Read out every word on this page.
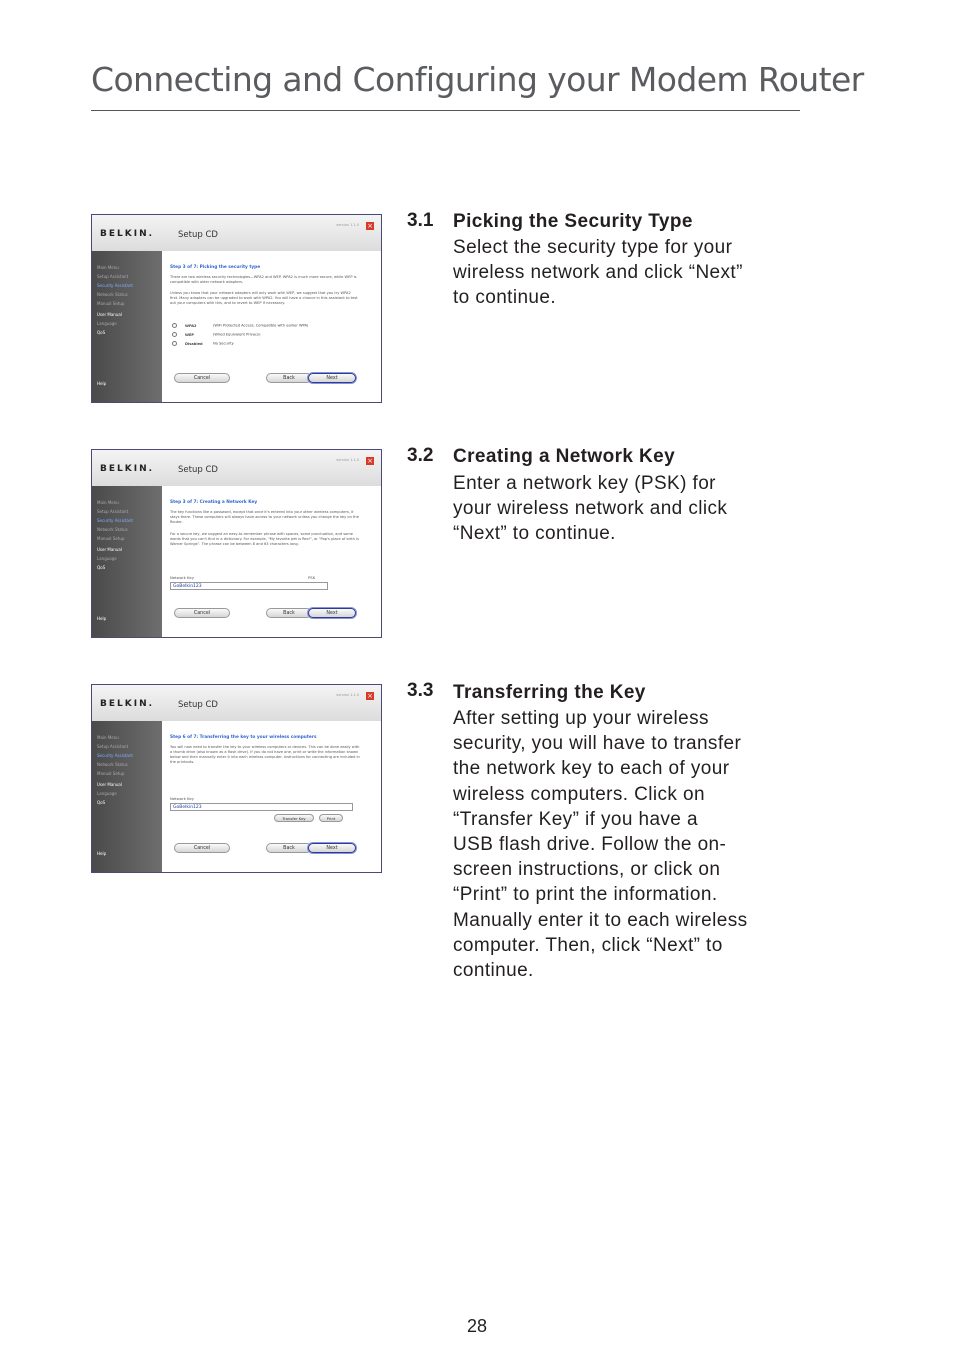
Connecting and Configuring your Modem Router
BELKIN.	Setup CD
version 1.1.0 ×
Main Menu
Setup Assistant
Security Assistant
Network Status
Manual Setup
User Manual
Language
QoS
Help
Step 3 of 7: Picking the security type
There are two wireless security technologies—WPA2 and WEP. WPA2 is much more secure, while WEP is compatible with older network adapters.
Unless you know that your network adapters will only work with WEP, we suggest that you try WPA2 first. Many adapters can be upgraded to work with WPA2. You will have a chance in this assistant to test out your computers with this, and to revert to WEP if necessary.
WPA2	(WiFi Protected Access, Compatible with earlier WPA)
WEP	(Wired Equivalent Privacy)
Disabled	No Security
Cancel	Back	Next
BELKIN.	Setup CD
version 1.1.0 ×
Main Menu
Setup Assistant
Security Assistant
Network Status
Manual Setup
User Manual
Language
QoS
Help
Step 3 of 7: Creating a Network Key
The key functions like a password, except that once it's entered into your other wireless computers, it stays there. These computers will always have access to your network unless you change the key on the Router.
For a secure key, we suggest an easy-to-remember phrase with spaces, some punctuation, and some words that you can't find in a dictionary. For example, "My favorite pet is Rex!", or "Pop's place of birth is Warner Springs". The phrase can be between 8 and 63 characters long.
Network Key	PSK
GoBelkin123
Cancel	Back	Next
BELKIN.	Setup CD
version 1.1.0 ×
Main Menu
Setup Assistant
Security Assistant
Network Status
Manual Setup
User Manual
Language
QoS
Help
Step 6 of 7: Transferring the key to your wireless computers
You will now need to transfer the key to your wireless computers or devices. This can be done easily with a thumb drive (also known as a flash drive). If you do not have one, print or write the information shown below and then manually enter it into each wireless computer. Instructions for connecting are included in the printouts.
Network Key
GoBelkin123
Transfer Key	Print
Cancel	Back	Next
3.1 Picking the Security Type
Select the security type for your
wireless network and click “Next”
to continue.
3.2 Creating a Network Key
Enter a network key (PSK) for
your wireless network and click
“Next” to continue.
3.3 Transferring the Key
After setting up your wireless
security, you will have to transfer
the network key to each of your
wireless computers. Click on
“Transfer Key” if you have a
USB flash drive. Follow the on-
screen instructions, or click on
“Print” to print the information.
Manually enter it to each wireless
computer. Then, click “Next” to
continue.
28
